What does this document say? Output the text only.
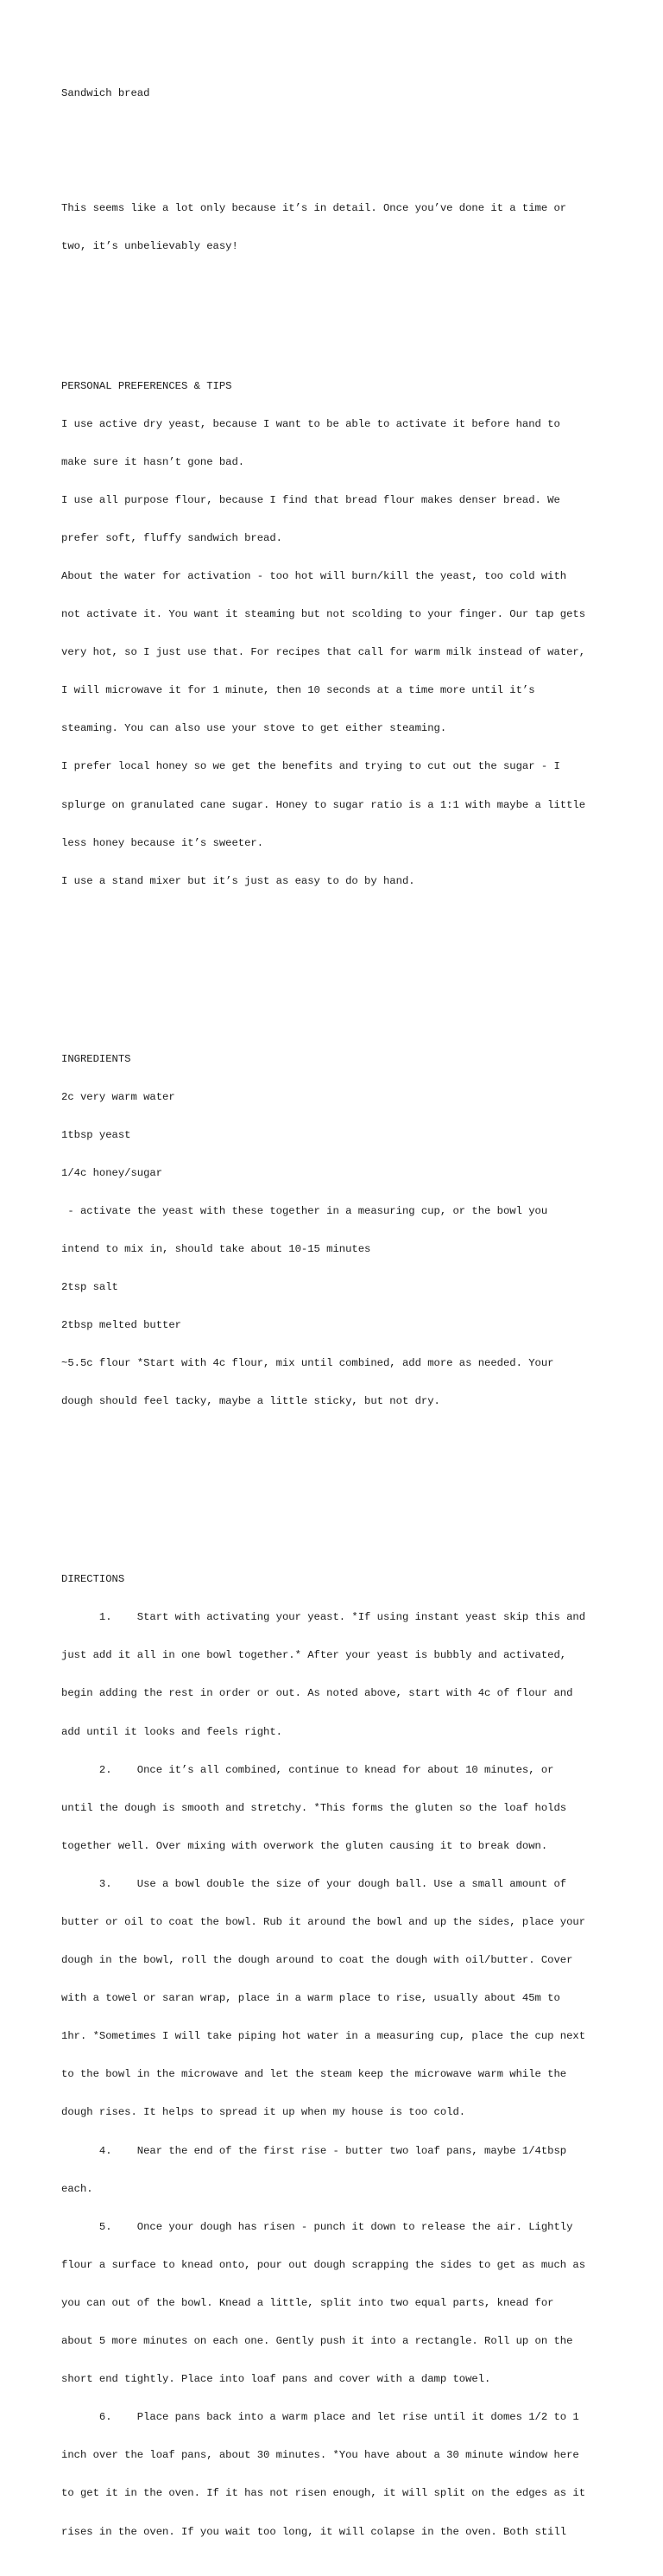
Sandwich bread

This seems like a lot only because it’s in detail. Once you’ve done it a time or

two, it’s unbelievably easy!

PERSONAL PREFERENCES & TIPS

I use active dry yeast, because I want to be able to activate it before hand to

make sure it hasn’t gone bad.

I use all purpose flour, because I find that bread flour makes denser bread. We

prefer soft, fluffy sandwich bread.

About the water for activation - too hot will burn/kill the yeast, too cold with

not activate it. You want it steaming but not scolding to your finger. Our tap gets

very hot, so I just use that. For recipes that call for warm milk instead of water,

I will microwave it for 1 minute, then 10 seconds at a time more until it’s

steaming. You can also use your stove to get either steaming.

I prefer local honey so we get the benefits and trying to cut out the sugar - I

splurge on granulated cane sugar. Honey to sugar ratio is a 1:1 with maybe a little

less honey because it’s sweeter.

I use a stand mixer but it’s just as easy to do by hand.

INGREDIENTS

2c very warm water

1tbsp yeast

1/4c honey/sugar

- activate the yeast with these together in a measuring cup, or the bowl you

intend to mix in, should take about 10-15 minutes

2tsp salt

2tbsp melted butter

~5.5c flour *Start with 4c flour, mix until combined, add more as needed. Your

dough should feel tacky, maybe a little sticky, but not dry.

DIRECTIONS

1.    Start with activating your yeast. *If using instant yeast skip this and

just add it all in one bowl together.* After your yeast is bubbly and activated,

begin adding the rest in order or out. As noted above, start with 4c of flour and

add until it looks and feels right.

2.    Once it’s all combined, continue to knead for about 10 minutes, or

until the dough is smooth and stretchy. *This forms the gluten so the loaf holds

together well. Over mixing with overwork the gluten causing it to break down.

3.    Use a bowl double the size of your dough ball. Use a small amount of

butter or oil to coat the bowl. Rub it around the bowl and up the sides, place your

dough in the bowl, roll the dough around to coat the dough with oil/butter. Cover

with a towel or saran wrap, place in a warm place to rise, usually about 45m to

1hr. *Sometimes I will take piping hot water in a measuring cup, place the cup next

to the bowl in the microwave and let the steam keep the microwave warm while the

dough rises. It helps to spread it up when my house is too cold.

4.    Near the end of the first rise - butter two loaf pans, maybe 1/4tbsp

each.

5.    Once your dough has risen - punch it down to release the air. Lightly

flour a surface to knead onto, pour out dough scrapping the sides to get as much as

you can out of the bowl. Knead a little, split into two equal parts, knead for

about 5 more minutes on each one. Gently push it into a rectangle. Roll up on the

short end tightly. Place into loaf pans and cover with a damp towel.

6.    Place pans back into a warm place and let rise until it domes 1/2 to 1

inch over the loaf pans, about 30 minutes. *You have about a 30 minute window here

to get it in the oven. If it has not risen enough, it will split on the edges as it

rises in the oven. If you wait too long, it will colapse in the oven. Both still
